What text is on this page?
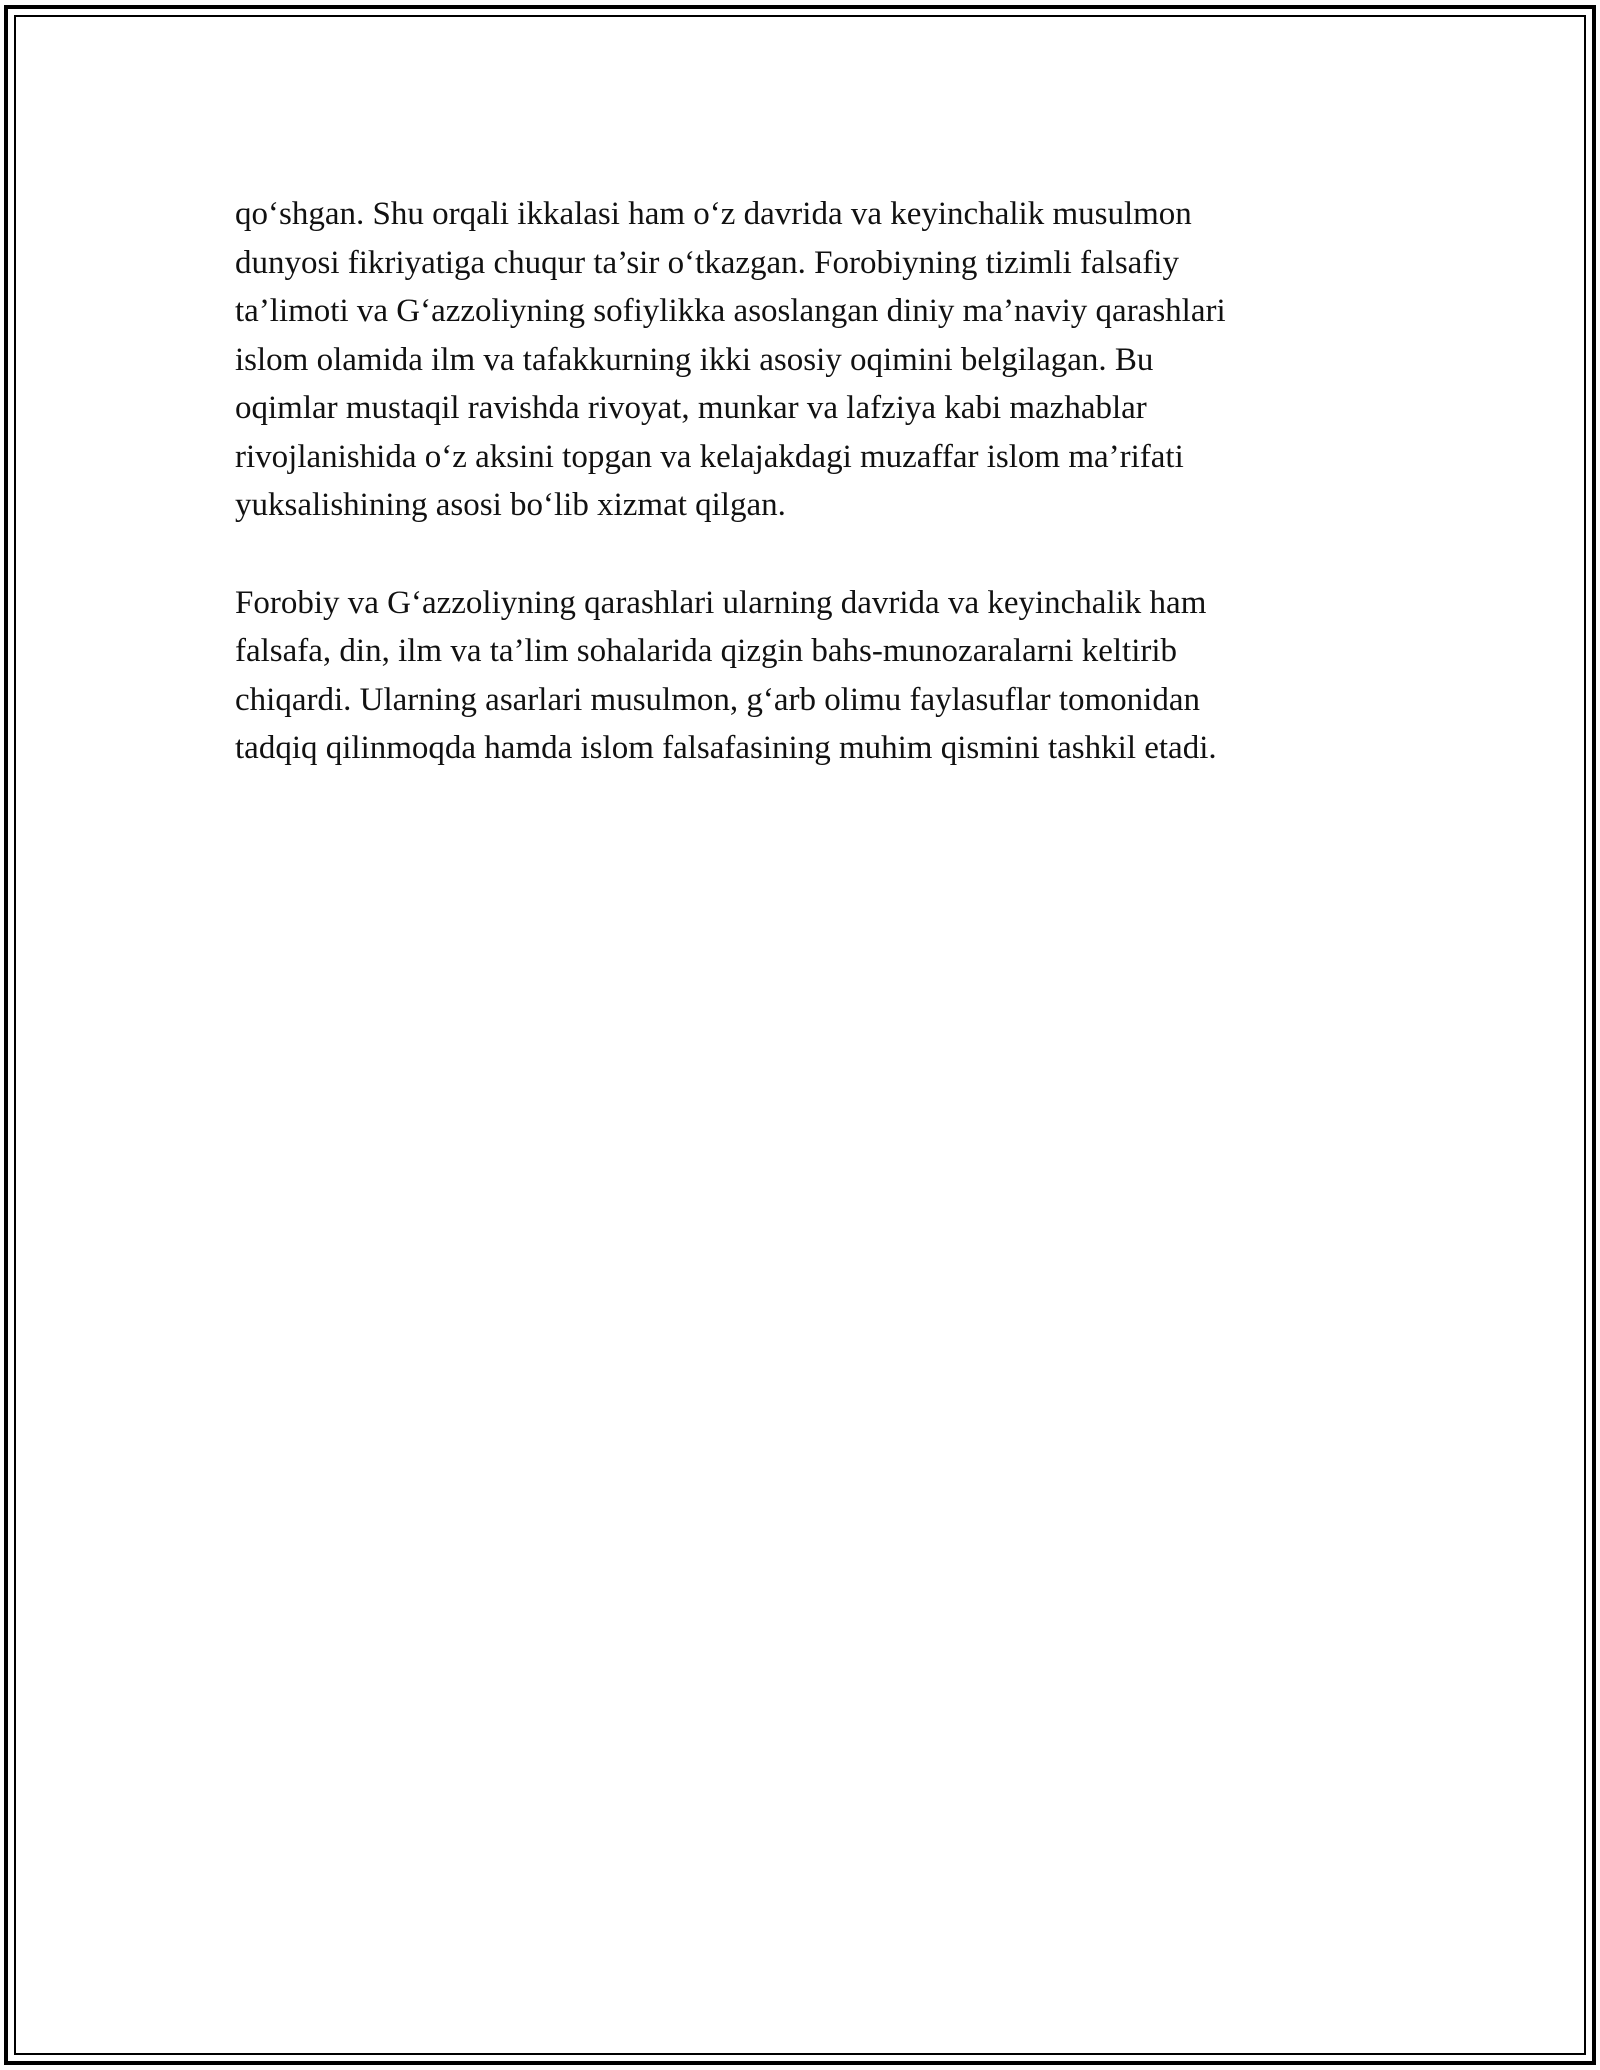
qo‘shgan. Shu orqali ikkalasi ham o‘z davrida va keyinchalik musulmon
dunyosi fikriyatiga chuqur ta’sir o‘tkazgan. Forobiyning tizimli falsafiy
ta’limoti va G‘azzoliyning sofiylikka asoslangan diniy ma’naviy qarashlari
islom olamida ilm va tafakkurning ikki asosiy oqimini belgilagan. Bu
oqimlar mustaqil ravishda rivoyat, munkar va lafziya kabi mazhablar
rivojlanishida o‘z aksini topgan va kelajakdagi muzaffar islom ma’rifati
yuksalishining asosi bo‘lib xizmat qilgan.

Forobiy va G‘azzoliyning qarashlari ularning davrida va keyinchalik ham
falsafa, din, ilm va ta’lim sohalarida qizgin bahs-munozaralarni keltirib
chiqardi. Ularning asarlari musulmon, g‘arb olimu faylasuflar tomonidan
tadqiq qilinmoqda hamda islom falsafasining muhim qismini tashkil etadi.
